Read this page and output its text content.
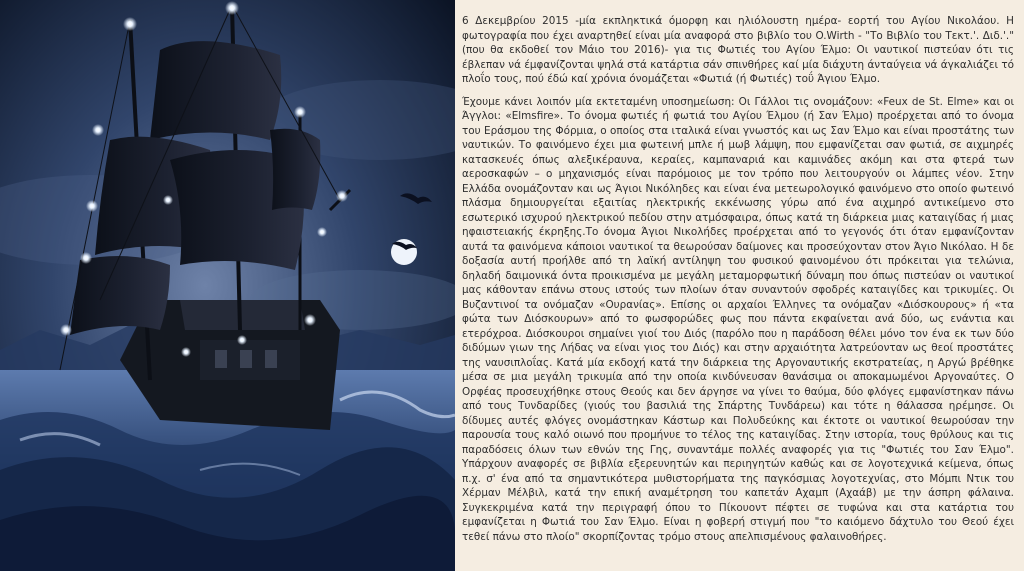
6 Δεκεμβρίου 2015 -μία εκπληκτικά όμορφη και ηλιόλουστη ημέρα- εορτή του Αγίου Νικολάου. Η φωτογραφία που έχει αναρτηθεί είναι μία αναφορά στο βιβλίο του O.Wirth - "Το Βιβλίο του Τεκτ.'. Διδ.'." (που θα εκδοθεί τον Μάιο του 2016)- για τις Φωτιές του Αγίου Έλμο: Οι ναυτικοί πιστεύαν ότι τις έβλεπαν νά έμφανίζονται ψηλά στά κατάρτια σάν σπινθήρες καί μία διάχυτη άνταύγεια νά άγκαλιάζει τό πλοΐο τους, πού έδώ καί χρόνια όνομάζεται «Φωτιά (ή Φωτιές) τοΰ Άγιου Έλμο.

Έχουμε κάνει λοιπόν μία εκτεταμένη υποσημείωση: Οι Γάλλοι τις ονομάζουν: «Feux de St. Elme» και οι Άγγλοι: «Elmsfire». Το όνομα φωτιές ή φωτιά του Αγίου Έλμου (ή Σαν Έλμο) προέρχεται από το όνομα του Εράσμου της Φόρμια, ο οποίος στα ιταλικά είναι γνωστός και ως Σαν Έλμο και είναι προστάτης των ναυτικών. Το φαινόμενο έχει μια φωτεινή μπλε ή μωβ λάμψη, που εμφανίζεται σαν φωτιά, σε αιχμηρές κατασκευές όπως αλεξικέραυνα, κεραίες, καμπαναριά και καμινάδες ακόμη και στα φτερά των αεροσκαφών – ο μηχανισμός είναι παρόμοιος με τον τρόπο που λειτουργούν οι λάμπες νέον. Στην Ελλάδα ονομάζονταν και ως Άγιοι Νικόληδες και είναι ένα μετεωρολογικό φαινόμενο στο οποίο φωτεινό πλάσμα δημιουργείται εξαιτίας ηλεκτρικής εκκένωσης γύρω από ένα αιχμηρό αντικείμενο στο εσωτερικό ισχυρού ηλεκτρικού πεδίου στην ατμόσφαιρα, όπως κατά τη διάρκεια μιας καταιγίδας ή μιας ηφαιστειακής έκρηξης.Το όνομα Άγιοι Νικολήδες προέρχεται από το γεγονός ότι όταν εμφανίζονταν αυτά τα φαινόμενα κάποιοι ναυτικοί τα θεωρούσαν δαίμονες και προσεύχονταν στον Άγιο Νικόλαο. Η δε δοξασία αυτή προήλθε από τη λαϊκή αντίληψη του φυσικού φαινομένου ότι πρόκειται για τελώνια, δηλαδή δαιμονικά όντα προικισμένα με μεγάλη μεταμορφωτική δύναμη που όπως πιστεύαν οι ναυτικοί μας κάθονταν επάνω στους ιστούς των πλοίων όταν συναντούν σφοδρές καταιγίδες και τρικυμίες. Οι Βυζαντινοί τα ονόμαζαν «Ουρανίας». Επίσης οι αρχαίοι Έλληνες τα ονόμαζαν «Διόσκουρους» ή «τα φώτα των Διόσκουρων» από το φωσφορώδες φως που πάντα εκφαίνεται ανά δύο, ως ενάντια και ετερόχροα. Διόσκουροι σημαίνει γιοί του Διός (παρόλο που η παράδοση θέλει μόνο τον ένα εκ των δύο διδύμων γιων της Λήδας να είναι γιος του Διός) και στην αρχαιότητα λατρεύονταν ως θεοί προστάτες της ναυσιπλοΐας. Κατά μία εκδοχή κατά την διάρκεια της Αργοναυτικής εκστρατείας, η Αργώ βρέθηκε μέσα σε μια μεγάλη τρικυμία από την οποία κινδύνευσαν θανάσιμα οι αποκαμωμένοι Αργοναύτες. Ο Ορφέας προσευχήθηκε στους Θεούς και δεν άργησε να γίνει το θαύμα, δύο φλόγες εμφανίστηκαν πάνω από τους Τυνδαρίδες (γιούς του βασιλιά της Σπάρτης Τυνδάρεω) και τότε η θάλασσα ηρέμησε. Οι δίδυμες αυτές φλόγες ονομάστηκαν Κάστωρ και Πολυδεύκης και έκτοτε οι ναυτικοί θεωρούσαν την παρουσία τους καλό οιωνό που προμήνυε το τέλος της καταιγίδας. Στην ιστορία, τους θρύλους και τις παραδόσεις όλων των εθνών της Γης, συναντάμε πολλές αναφορές για τις "Φωτιές του Σαν Έλμο". Υπάρχουν αναφορές σε βιβλία εξερευνητών και περιηγητών καθώς και σε λογοτεχνικά κείμενα, όπως π.χ. σ' ένα από τα σημαντικότερα μυθιστορήματα της παγκόσμιας λογοτεχνίας, στο Μόμπι Ντικ του Χέρμαν Μέλβιλ, κατά την επική αναμέτρηση του καπετάν Αχαμπ (Αχαάβ) με την άσπρη φάλαινα. Συγκεκριμένα κατά την περιγραφή όπου το Πίκουοντ πέφτει σε τυφώνα και στα κατάρτια του εμφανίζεται η Φωτιά του Σαν Έλμο. Είναι η φοβερή στιγμή που "το καιόμενο δάχτυλο του Θεού έχει τεθεί πάνω στο πλοίο" σκορπίζοντας τρόμο στους απελπισμένους φαλαινοθήρες.
